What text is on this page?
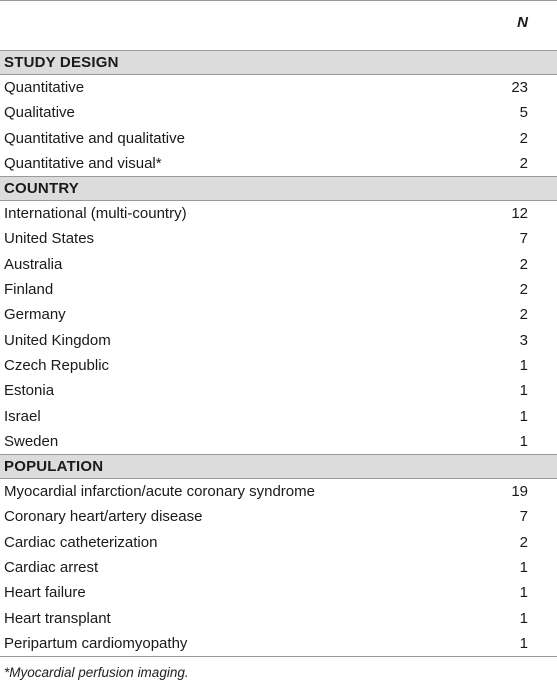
N
STUDY DESIGN
Quantitative	23
Qualitative	5
Quantitative and qualitative	2
Quantitative and visual*	2
COUNTRY
International (multi-country)	12
United States	7
Australia	2
Finland	2
Germany	2
United Kingdom	3
Czech Republic	1
Estonia	1
Israel	1
Sweden	1
POPULATION
Myocardial infarction/acute coronary syndrome	19
Coronary heart/artery disease	7
Cardiac catheterization	2
Cardiac arrest	1
Heart failure	1
Heart transplant	1
Peripartum cardiomyopathy	1
*Myocardial perfusion imaging.
